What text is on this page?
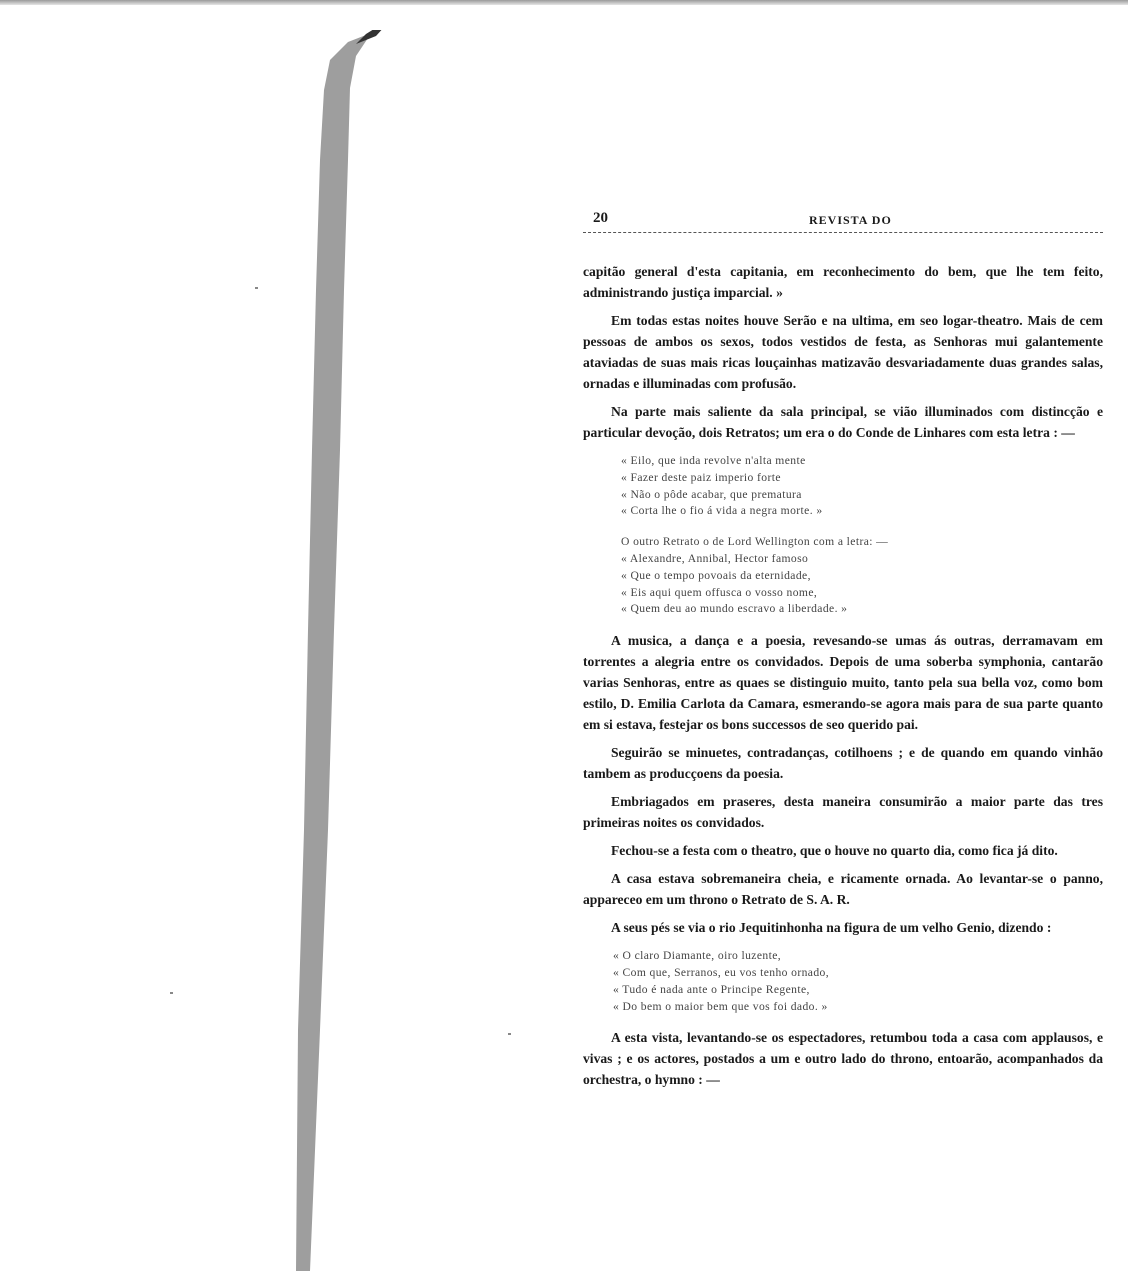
20	REVISTA DO

capitão general d'esta capitania, em reconhecimento do bem, que lhe tem feito, administrando justiça imparcial. »

Em todas estas noites houve Serão e na ultima, em seo logar-theatro. Mais de cem pessoas de ambos os sexos, todos vestidos de festa, as Senhoras mui galantemente ataviadas de suas mais ricas louçainhas matizavão desvariadamente duas grandes salas, ornadas e illuminadas com profusão.

Na parte mais saliente da sala principal, se vião illuminados com distincção e particular devoção, dois Retratos; um era o do Conde de Linhares com esta letra : —

« Eilo, que inda revolve n'alta mente
« Fazer deste paiz imperio forte
« Não o pôde acabar, que prematura
« Corta lhe o fio á vida a negra morte. »
O outro Retrato o de Lord Wellington com a letra: —
« Alexandre, Annibal, Hector famoso
« Que o tempo povoais da eternidade,
« Eis aqui quem offusca o vosso nome,
« Quem deu ao mundo escravo a liberdade. »

A musica, a dança e a poesia, revesando-se umas ás outras, derramavam em torrentes a alegria entre os convidados. Depois de uma soberba symphonia, cantarão varias Senhoras, entre as quaes se distinguio muito, tanto pela sua bella voz, como bom estilo, D. Emilia Carlota da Camara, esmerando-se agora mais para de sua parte quanto em si estava, festejar os bons successos de seo querido pai.

Seguirão se minuetes, contradanças, cotilhoens ; e de quando em quando vinhão tambem as producçoens da poesia.

Embriagados em praseres, desta maneira consumirão a maior parte das tres primeiras noites os convidados.

Fechou-se a festa com o theatro, que o houve no quarto dia, como fica já dito.

A casa estava sobremaneira cheia, e ricamente ornada. Ao levantar-se o panno, appareceo em um throno o Retrato de S. A. R.

A seus pés se via o rio Jequitinhonha na figura de um velho Genio, dizendo :

« O claro Diamante, oiro luzente,
« Com que, Serranos, eu vos tenho ornado,
« Tudo é nada ante o Principe Regente,
« Do bem o maior bem que vos foi dado. »

A esta vista, levantando-se os espectadores, retumbou toda a casa com applausos, e vivas ; e os actores, postados a um e outro lado do throno, entoarão, acompanhados da orchestra, o hymno : —
